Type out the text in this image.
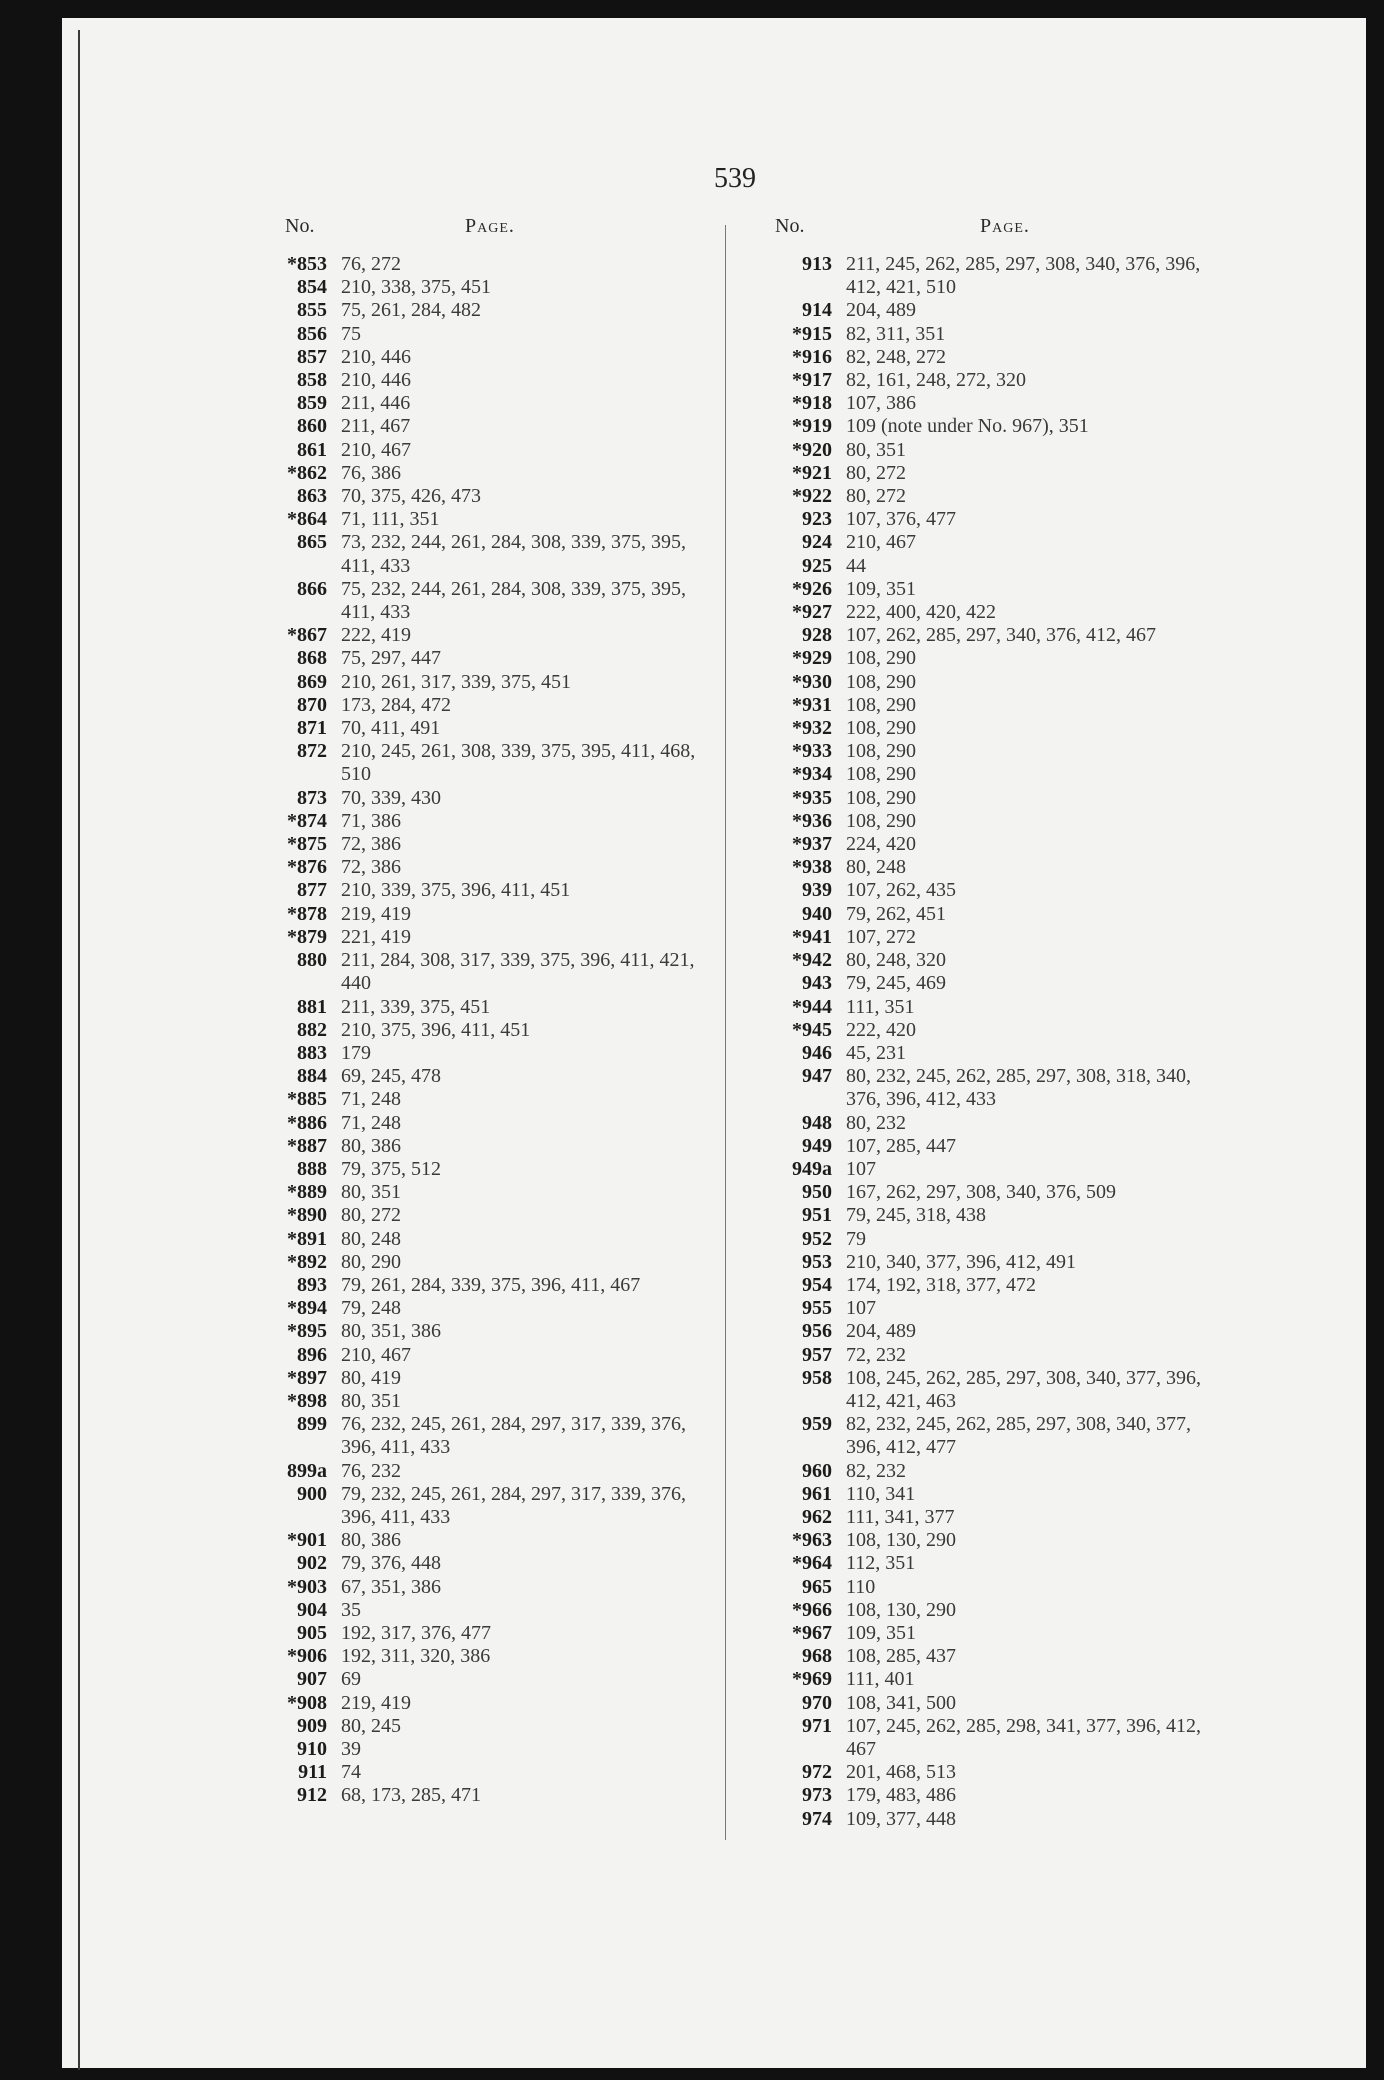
539
No.	Page.
*853 76, 272
854 210, 338, 375, 451
855 75, 261, 284, 482
856 75
857 210, 446
858 210, 446
859 211, 446
860 211, 467
861 210, 467
*862 76, 386
863 70, 375, 426, 473
*864 71, 111, 351
865 73, 232, 244, 261, 284, 308, 339, 375, 395, 411, 433
866 75, 232, 244, 261, 284, 308, 339, 375, 395, 411, 433
*867 222, 419
868 75, 297, 447
869 210, 261, 317, 339, 375, 451
870 173, 284, 472
871 70, 411, 491
872 210, 245, 261, 308, 339, 375, 395, 411, 468, 510
873 70, 339, 430
*874 71, 386
*875 72, 386
*876 72, 386
877 210, 339, 375, 396, 411, 451
*878 219, 419
*879 221, 419
880 211, 284, 308, 317, 339, 375, 396, 411, 421, 440
881 211, 339, 375, 451
882 210, 375, 396, 411, 451
883 179
884 69, 245, 478
*885 71, 248
*886 71, 248
*887 80, 386
888 79, 375, 512
*889 80, 351
*890 80, 272
*891 80, 248
*892 80, 290
893 79, 261, 284, 339, 375, 396, 411, 467
*894 79, 248
*895 80, 351, 386
896 210, 467
*897 80, 419
*898 80, 351
899 76, 232, 245, 261, 284, 297, 317, 339, 376, 396, 411, 433
899a 76, 232
900 79, 232, 245, 261, 284, 297, 317, 339, 376, 396, 411, 433
*901 80, 386
902 79, 376, 448
*903 67, 351, 386
904 35
905 192, 317, 376, 477
*906 192, 311, 320, 386
907 69
*908 219, 419
909 80, 245
910 39
911 74
912 68, 173, 285, 471
No.	Page.
913 211, 245, 262, 285, 297, 308, 340, 376, 396, 412, 421, 510
914 204, 489
*915 82, 311, 351
*916 82, 248, 272
*917 82, 161, 248, 272, 320
*918 107, 386
*919 109 (note under No. 967), 351
*920 80, 351
*921 80, 272
*922 80, 272
923 107, 376, 477
924 210, 467
925 44
*926 109, 351
*927 222, 400, 420, 422
928 107, 262, 285, 297, 340, 376, 412, 467
*929 108, 290
*930 108, 290
*931 108, 290
*932 108, 290
*933 108, 290
*934 108, 290
*935 108, 290
*936 108, 290
*937 224, 420
*938 80, 248
939 107, 262, 435
940 79, 262, 451
*941 107, 272
*942 80, 248, 320
943 79, 245, 469
*944 111, 351
*945 222, 420
946 45, 231
947 80, 232, 245, 262, 285, 297, 308, 318, 340, 376, 396, 412, 433
948 80, 232
949 107, 285, 447
949a 107
950 167, 262, 297, 308, 340, 376, 509
951 79, 245, 318, 438
952 79
953 210, 340, 377, 396, 412, 491
954 174, 192, 318, 377, 472
955 107
956 204, 489
957 72, 232
958 108, 245, 262, 285, 297, 308, 340, 377, 396, 412, 421, 463
959 82, 232, 245, 262, 285, 297, 308, 340, 377, 396, 412, 477
960 82, 232
961 110, 341
962 111, 341, 377
*963 108, 130, 290
*964 112, 351
965 110
*966 108, 130, 290
*967 109, 351
968 108, 285, 437
*969 111, 401
970 108, 341, 500
971 107, 245, 262, 285, 298, 341, 377, 396, 412, 467
972 201, 468, 513
973 179, 483, 486
974 109, 377, 448
